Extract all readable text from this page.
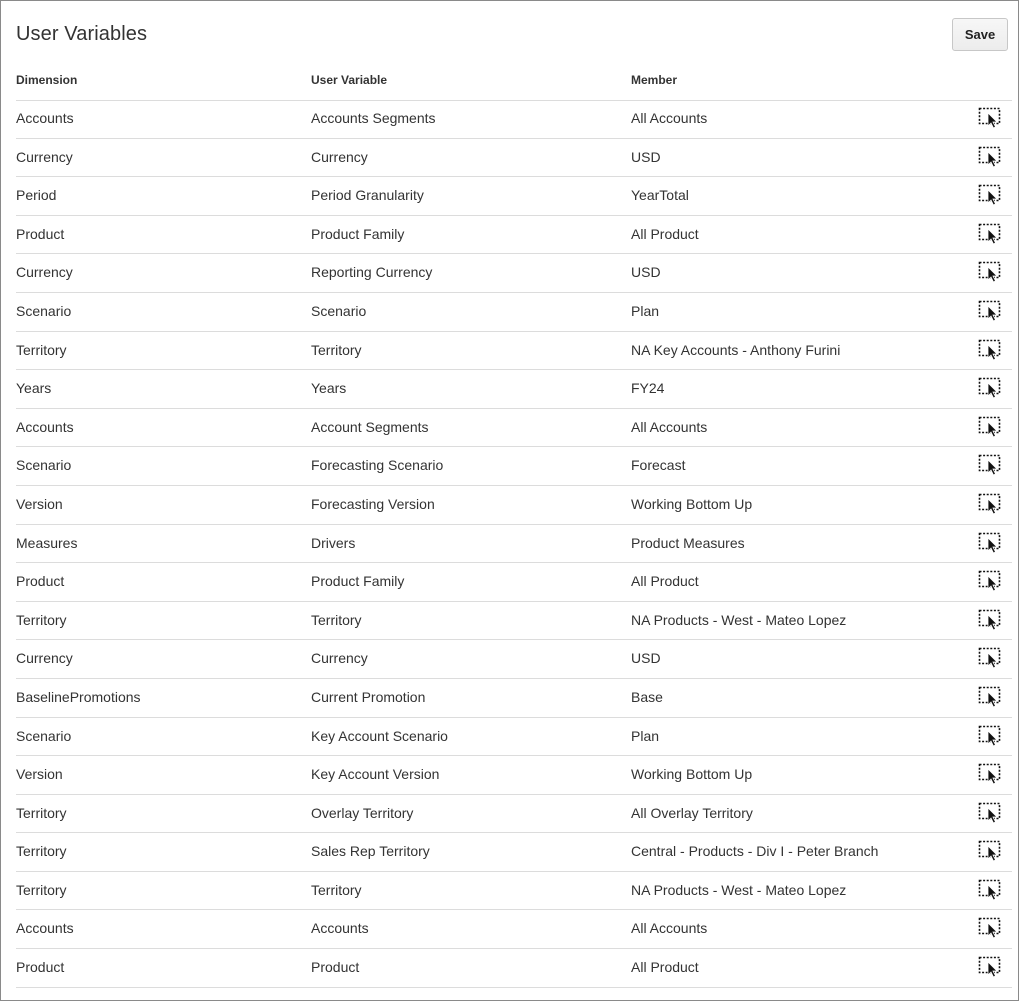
User Variables	Save
Dimension	User Variable	Member
Accounts	Accounts Segments	All Accounts
Currency	Currency	USD
Period	Period Granularity	YearTotal
Product	Product Family	All Product
Currency	Reporting Currency	USD
Scenario	Scenario	Plan
Territory	Territory	NA Key Accounts - Anthony Furini
Years	Years	FY24
Accounts	Account Segments	All Accounts
Scenario	Forecasting Scenario	Forecast
Version	Forecasting Version	Working Bottom Up
Measures	Drivers	Product Measures
Product	Product Family	All Product
Territory	Territory	NA Products - West - Mateo Lopez
Currency	Currency	USD
BaselinePromotions	Current Promotion	Base
Scenario	Key Account Scenario	Plan
Version	Key Account Version	Working Bottom Up
Territory	Overlay Territory	All Overlay Territory
Territory	Sales Rep Territory	Central - Products - Div I - Peter Branch
Territory	Territory	NA Products - West - Mateo Lopez
Accounts	Accounts	All Accounts
Product	Product	All Product
